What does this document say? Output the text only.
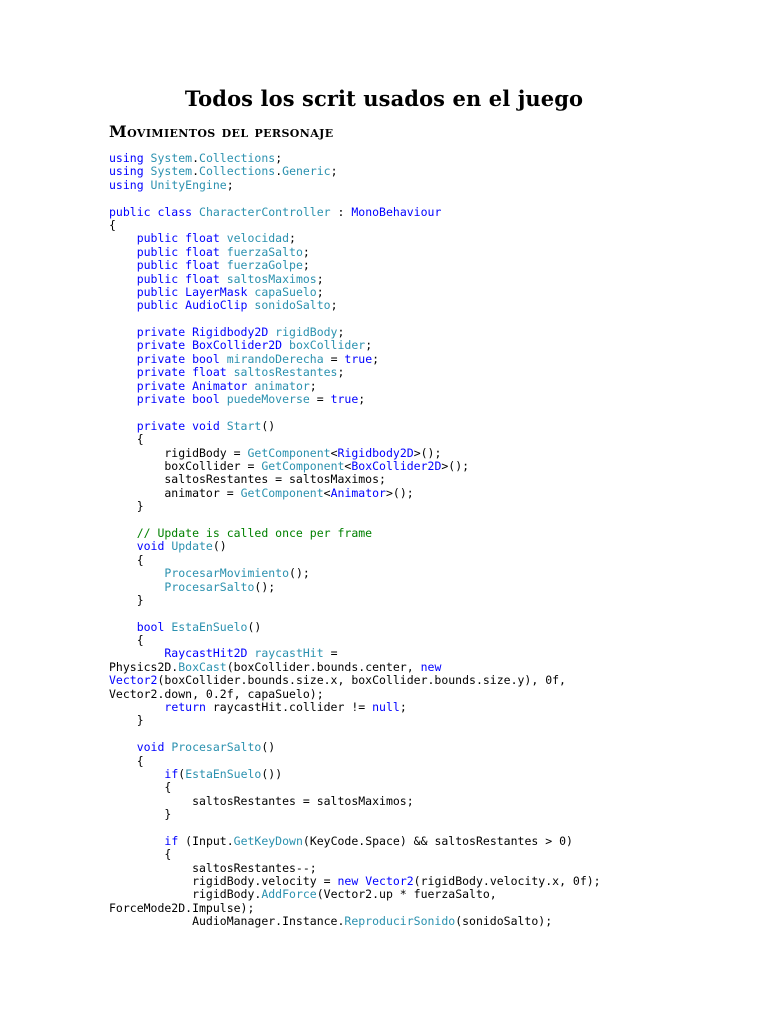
Todos los scrit usados en el juego
Movimientos del personaje
using System.Collections;
using System.Collections.Generic;
using UnityEngine;

public class CharacterController : MonoBehaviour
{
public float velocidad;
public float fuerzaSalto;
public float fuerzaGolpe;
public float saltosMaximos;
public LayerMask capaSuelo;
public AudioClip sonidoSalto;

private Rigidbody2D rigidBody;
private BoxCollider2D boxCollider;
private bool mirandoDerecha = true;
private float saltosRestantes;
private Animator animator;
private bool puedeMoverse = true;

private void Start()
{
rigidBody = GetComponent<Rigidbody2D>();
boxCollider = GetComponent<BoxCollider2D>();
saltosRestantes = saltosMaximos;
animator = GetComponent<Animator>();
}

// Update is called once per frame
void Update()
{
ProcesarMovimiento();
ProcesarSalto();
}

bool EstaEnSuelo()
{
RaycastHit2D raycastHit =
Physics2D.BoxCast(boxCollider.bounds.center, new
Vector2(boxCollider.bounds.size.x, boxCollider.bounds.size.y), 0f,
Vector2.down, 0.2f, capaSuelo);
return raycastHit.collider != null;
}

void ProcesarSalto()
{
if(EstaEnSuelo())
{
saltosRestantes = saltosMaximos;
}

if (Input.GetKeyDown(KeyCode.Space) && saltosRestantes > 0)
{
saltosRestantes--;
rigidBody.velocity = new Vector2(rigidBody.velocity.x, 0f);
rigidBody.AddForce(Vector2.up * fuerzaSalto,
ForceMode2D.Impulse);
AudioManager.Instance.ReproducirSonido(sonidoSalto);
